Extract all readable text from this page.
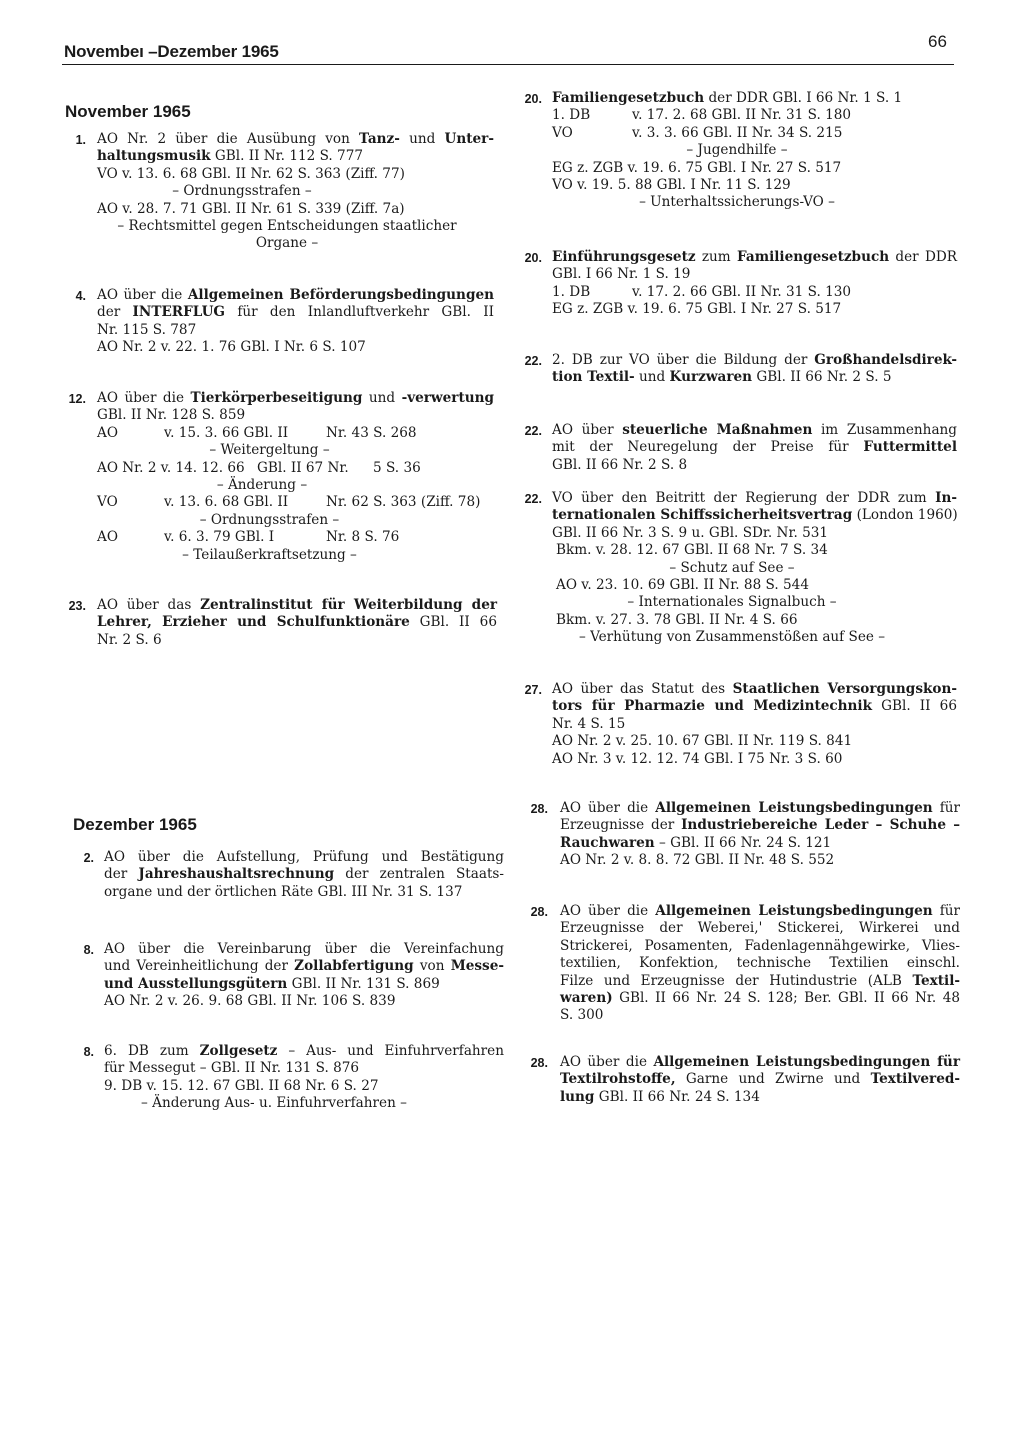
Novembeı –Dezember 1965
66
November 1965
Dezember 1965
1. AO Nr. 2 über die Ausübung von Tanz- und Unter-
haltungsmusik GBl. II Nr. 112 S. 777
VO v. 13. 6. 68 GBl. II Nr. 62 S. 363 (Ziff. 77)
– Ordnungsstrafen –
AO v. 28. 7. 71 GBl. II Nr. 61 S. 339 (Ziff. 7a)
– Rechtsmittel gegen Entscheidungen staatlicher
Organe –
4. AO über die Allgemeinen Beförderungsbedingungen
der INTERFLUG für den Inlandluftverkehr GBl. II
Nr. 115 S. 787
AO Nr. 2 v. 22. 1. 76 GBl. I Nr. 6 S. 107
12. AO über die Tierkörperbeseitigung und -verwertung
GBl. II Nr. 128 S. 859
AO	v. 15. 3. 66 GBl. II	Nr. 43 S. 268
– Weitergeltung –
AO Nr. 2 v. 14. 12. 66 GBl. II 67 Nr. 5 S. 36
– Änderung –
VO	v. 13. 6. 68 GBl. II	Nr. 62 S. 363 (Ziff. 78)
– Ordnungsstrafen –
AO	v. 6. 3. 79 GBl. I	Nr. 8 S. 76
– Teilaußerkraftsetzung –
23. AO über das Zentralinstitut für Weiterbildung der
Lehrer, Erzieher und Schulfunktionäre GBl. II 66
Nr. 2 S. 6
2. AO über die Aufstellung, Prüfung und Bestätigung
der Jahreshaushaltsrechnung der zentralen Staats-
organe und der örtlichen Räte GBl. III Nr. 31 S. 137
8. AO über die Vereinbarung über die Vereinfachung
und Vereinheitlichung der Zollabfertigung von Messe-
und Ausstellungsgütern GBl. II Nr. 131 S. 869
AO Nr. 2 v. 26. 9. 68 GBl. II Nr. 106 S. 839
8. 6. DB zum Zollgesetz – Aus- und Einfuhrverfahren
für Messegut – GBl. II Nr. 131 S. 876
9. DB v. 15. 12. 67 GBl. II 68 Nr. 6 S. 27
– Änderung Aus- u. Einfuhrverfahren –
20. Familiengesetzbuch der DDR GBl. I 66 Nr. 1 S. 1
1. DB	v. 17. 2. 68 GBl. II Nr. 31 S. 180
VO	v. 3. 3. 66 GBl. II Nr. 34 S. 215
– Jugendhilfe –
EG z. ZGB v. 19. 6. 75 GBl. I Nr. 27 S. 517
VO v. 19. 5. 88 GBl. I Nr. 11 S. 129
– Unterhaltssicherungs-VO –
20. Einführungsgesetz zum Familiengesetzbuch der DDR
GBl. I 66 Nr. 1 S. 19
1. DB	v. 17. 2. 66 GBl. II Nr. 31 S. 130
EG z. ZGB v. 19. 6. 75 GBl. I Nr. 27 S. 517
22. 2. DB zur VO über die Bildung der Großhandelsdirek-
tion Textil- und Kurzwaren GBl. II 66 Nr. 2 S. 5
22. AO über steuerliche Maßnahmen im Zusammenhang
mit der Neuregelung der Preise für Futtermittel
GBl. II 66 Nr. 2 S. 8
22. VO über den Beitritt der Regierung der DDR zum In-
ternationalen Schiffssicherheitsvertrag (London 1960)
GBl. II 66 Nr. 3 S. 9 u. GBl. SDr. Nr. 531
Bkm. v. 28. 12. 67 GBl. II 68 Nr. 7 S. 34
– Schutz auf See –
AO v. 23. 10. 69 GBl. II Nr. 88 S. 544
– Internationales Signalbuch –
Bkm. v. 27. 3. 78 GBl. II Nr. 4 S. 66
– Verhütung von Zusammenstößen auf See –
27. AO über das Statut des Staatlichen Versorgungskon-
tors für Pharmazie und Medizintechnik GBl. II 66
Nr. 4 S. 15
AO Nr. 2 v. 25. 10. 67 GBl. II Nr. 119 S. 841
AO Nr. 3 v. 12. 12. 74 GBl. I 75 Nr. 3 S. 60
28. AO über die Allgemeinen Leistungsbedingungen für
Erzeugnisse der Industriebereiche Leder – Schuhe –
Rauchwaren – GBl. II 66 Nr. 24 S. 121
AO Nr. 2 v. 8. 8. 72 GBl. II Nr. 48 S. 552
28. AO über die Allgemeinen Leistungsbedingungen für
Erzeugnisse der Weberei,' Stickerei, Wirkerei und
Strickerei, Posamenten, Fadenlagennähgewirke, Vlies-
textilien, Konfektion, technische Textilien einschl.
Filze und Erzeugnisse der Hutindustrie (ALB Textil-
waren) GBl. II 66 Nr. 24 S. 128; Ber. GBl. II 66 Nr. 48
S. 300
28. AO über die Allgemeinen Leistungsbedingungen für
Textilrohstoffe, Garne und Zwirne und Textilvered-
lung GBl. II 66 Nr. 24 S. 134
